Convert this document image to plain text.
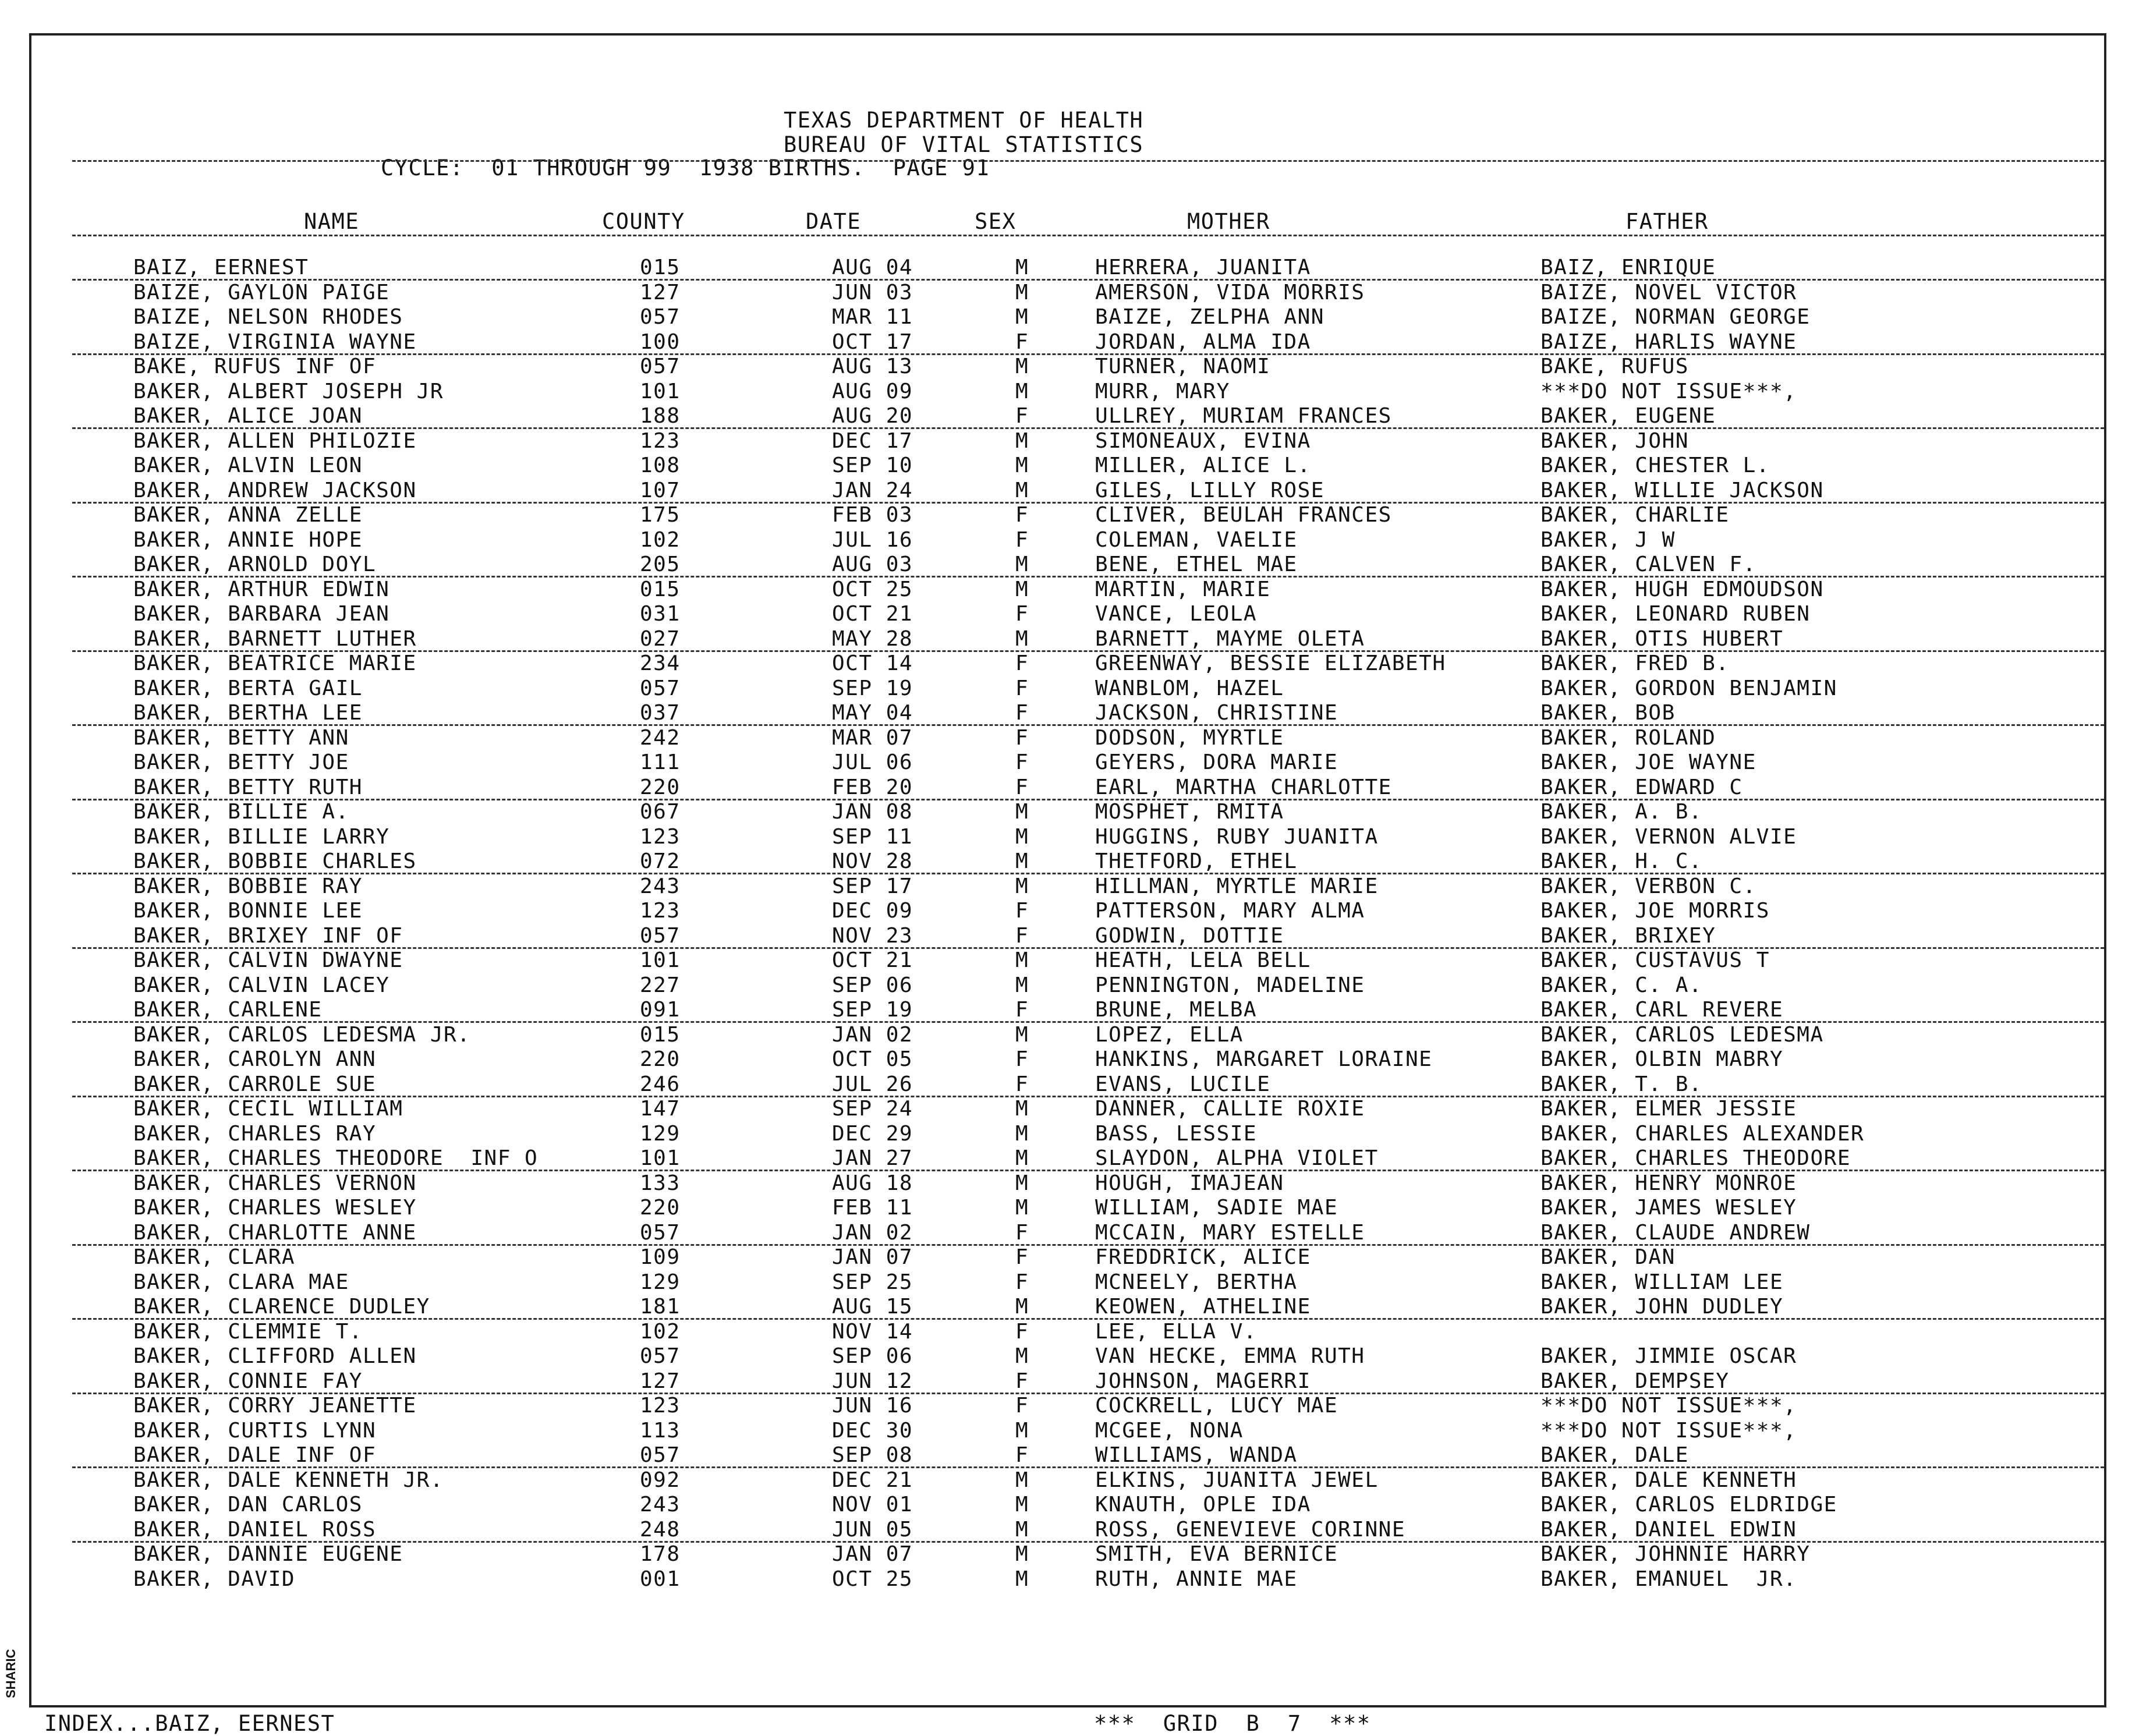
SHARIC
TEXAS DEPARTMENT OF HEALTH
BUREAU OF VITAL STATISTICS
CYCLE:  01 THROUGH 99  1938 BIRTHS.  PAGE 91
NAME	COUNTY	DATE	SEX	MOTHER	FATHER
BAIZ, EERNEST	015	AUG 04	M	HERRERA, JUANITA	BAIZ, ENRIQUE
BAIZE, GAYLON PAIGE	127	JUN 03	M	AMERSON, VIDA MORRIS	BAIZE, NOVEL VICTOR
BAIZE, NELSON RHODES	057	MAR 11	M	BAIZE, ZELPHA ANN	BAIZE, NORMAN GEORGE
BAIZE, VIRGINIA WAYNE	100	OCT 17	F	JORDAN, ALMA IDA	BAIZE, HARLIS WAYNE
BAKE, RUFUS INF OF	057	AUG 13	M	TURNER, NAOMI	BAKE, RUFUS
BAKER, ALBERT JOSEPH JR	101	AUG 09	M	MURR, MARY	***DO NOT ISSUE***,
BAKER, ALICE JOAN	188	AUG 20	F	ULLREY, MURIAM FRANCES	BAKER, EUGENE
BAKER, ALLEN PHILOZIE	123	DEC 17	M	SIMONEAUX, EVINA	BAKER, JOHN
BAKER, ALVIN LEON	108	SEP 10	M	MILLER, ALICE L.	BAKER, CHESTER L.
BAKER, ANDREW JACKSON	107	JAN 24	M	GILES, LILLY ROSE	BAKER, WILLIE JACKSON
BAKER, ANNA ZELLE	175	FEB 03	F	CLIVER, BEULAH FRANCES	BAKER, CHARLIE
BAKER, ANNIE HOPE	102	JUL 16	F	COLEMAN, VAELIE	BAKER, J W
BAKER, ARNOLD DOYL	205	AUG 03	M	BENE, ETHEL MAE	BAKER, CALVEN F.
BAKER, ARTHUR EDWIN	015	OCT 25	M	MARTIN, MARIE	BAKER, HUGH EDMOUDSON
BAKER, BARBARA JEAN	031	OCT 21	F	VANCE, LEOLA	BAKER, LEONARD RUBEN
BAKER, BARNETT LUTHER	027	MAY 28	M	BARNETT, MAYME OLETA	BAKER, OTIS HUBERT
BAKER, BEATRICE MARIE	234	OCT 14	F	GREENWAY, BESSIE ELIZABETH	BAKER, FRED B.
BAKER, BERTA GAIL	057	SEP 19	F	WANBLOM, HAZEL	BAKER, GORDON BENJAMIN
BAKER, BERTHA LEE	037	MAY 04	F	JACKSON, CHRISTINE	BAKER, BOB
BAKER, BETTY ANN	242	MAR 07	F	DODSON, MYRTLE	BAKER, ROLAND
BAKER, BETTY JOE	111	JUL 06	F	GEYERS, DORA MARIE	BAKER, JOE WAYNE
BAKER, BETTY RUTH	220	FEB 20	F	EARL, MARTHA CHARLOTTE	BAKER, EDWARD C
BAKER, BILLIE A.	067	JAN 08	M	MOSPHET, RMITA	BAKER, A. B.
BAKER, BILLIE LARRY	123	SEP 11	M	HUGGINS, RUBY JUANITA	BAKER, VERNON ALVIE
BAKER, BOBBIE CHARLES	072	NOV 28	M	THETFORD, ETHEL	BAKER, H. C.
BAKER, BOBBIE RAY	243	SEP 17	M	HILLMAN, MYRTLE MARIE	BAKER, VERBON C.
BAKER, BONNIE LEE	123	DEC 09	F	PATTERSON, MARY ALMA	BAKER, JOE MORRIS
BAKER, BRIXEY INF OF	057	NOV 23	F	GODWIN, DOTTIE	BAKER, BRIXEY
BAKER, CALVIN DWAYNE	101	OCT 21	M	HEATH, LELA BELL	BAKER, CUSTAVUS T
BAKER, CALVIN LACEY	227	SEP 06	M	PENNINGTON, MADELINE	BAKER, C. A.
BAKER, CARLENE	091	SEP 19	F	BRUNE, MELBA	BAKER, CARL REVERE
BAKER, CARLOS LEDESMA JR.	015	JAN 02	M	LOPEZ, ELLA	BAKER, CARLOS LEDESMA
BAKER, CAROLYN ANN	220	OCT 05	F	HANKINS, MARGARET LORAINE	BAKER, OLBIN MABRY
BAKER, CARROLE SUE	246	JUL 26	F	EVANS, LUCILE	BAKER, T. B.
BAKER, CECIL WILLIAM	147	SEP 24	M	DANNER, CALLIE ROXIE	BAKER, ELMER JESSIE
BAKER, CHARLES RAY	129	DEC 29	M	BASS, LESSIE	BAKER, CHARLES ALEXANDER
BAKER, CHARLES THEODORE  INF O	101	JAN 27	M	SLAYDON, ALPHA VIOLET	BAKER, CHARLES THEODORE
BAKER, CHARLES VERNON	133	AUG 18	M	HOUGH, IMAJEAN	BAKER, HENRY MONROE
BAKER, CHARLES WESLEY	220	FEB 11	M	WILLIAM, SADIE MAE	BAKER, JAMES WESLEY
BAKER, CHARLOTTE ANNE	057	JAN 02	F	MCCAIN, MARY ESTELLE	BAKER, CLAUDE ANDREW
BAKER, CLARA	109	JAN 07	F	FREDDRICK, ALICE	BAKER, DAN
BAKER, CLARA MAE	129	SEP 25	F	MCNEELY, BERTHA	BAKER, WILLIAM LEE
BAKER, CLARENCE DUDLEY	181	AUG 15	M	KEOWEN, ATHELINE	BAKER, JOHN DUDLEY
BAKER, CLEMMIE T.	102	NOV 14	F	LEE, ELLA V.
BAKER, CLIFFORD ALLEN	057	SEP 06	M	VAN HECKE, EMMA RUTH	BAKER, JIMMIE OSCAR
BAKER, CONNIE FAY	127	JUN 12	F	JOHNSON, MAGERRI	BAKER, DEMPSEY
BAKER, CORRY JEANETTE	123	JUN 16	F	COCKRELL, LUCY MAE	***DO NOT ISSUE***,
BAKER, CURTIS LYNN	113	DEC 30	M	MCGEE, NONA	***DO NOT ISSUE***,
BAKER, DALE INF OF	057	SEP 08	F	WILLIAMS, WANDA	BAKER, DALE
BAKER, DALE KENNETH JR.	092	DEC 21	M	ELKINS, JUANITA JEWEL	BAKER, DALE KENNETH
BAKER, DAN CARLOS	243	NOV 01	M	KNAUTH, OPLE IDA	BAKER, CARLOS ELDRIDGE
BAKER, DANIEL ROSS	248	JUN 05	M	ROSS, GENEVIEVE CORINNE	BAKER, DANIEL EDWIN
BAKER, DANNIE EUGENE	178	JAN 07	M	SMITH, EVA BERNICE	BAKER, JOHNNIE HARRY
BAKER, DAVID	001	OCT 25	M	RUTH, ANNIE MAE	BAKER, EMANUEL  JR.
INDEX...BAIZ, EERNEST	***  GRID  B  7  ***
